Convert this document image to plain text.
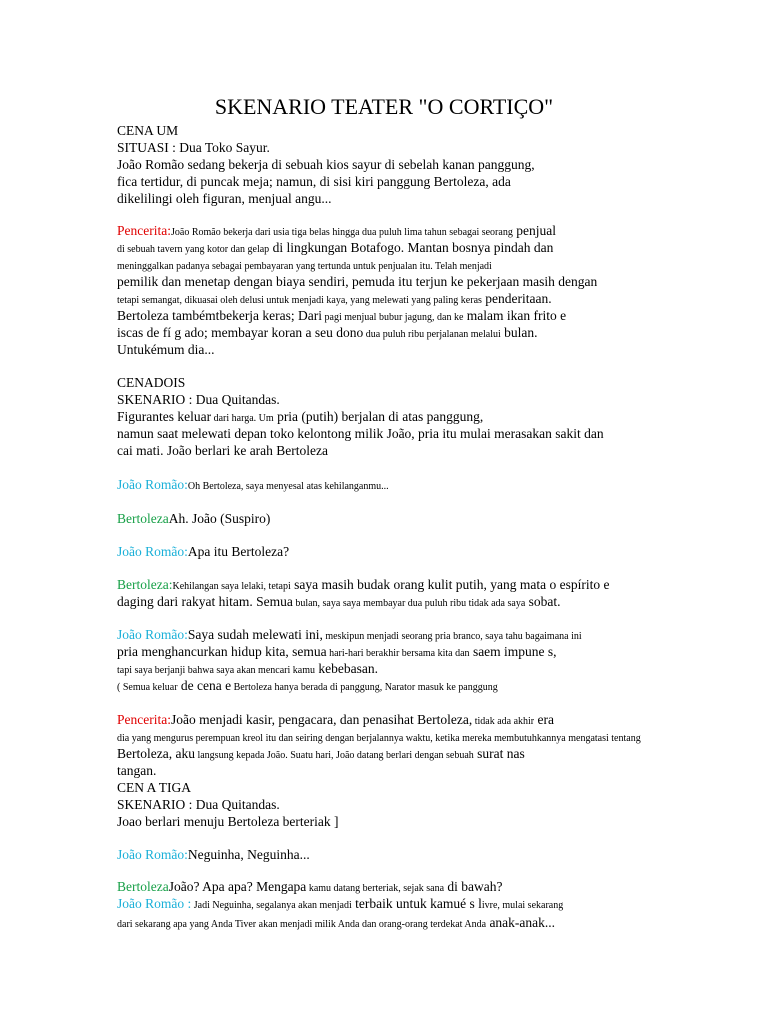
SKENARIO TEATER "O CORTIÇO"
CENA UM
SITUASI : Dua Toko Sayur.
João Romão sedang bekerja di sebuah kios sayur di sebelah kanan panggung,
fica tertidur, di puncak meja; namun, di sisi kiri panggung Bertoleza, ada
dikelilingi oleh figuran, menjual angu...
Pencerita:João Romão bekerja dari usia tiga belas hingga dua puluh lima tahun sebagai seorang penjual
di sebuah tavern yang kotor dan gelap di lingkungan Botafogo. Mantan bosnya pindah dan
meninggalkan padanya sebagai pembayaran yang tertunda untuk penjualan itu. Telah menjadi
pemilik dan menetap dengan biaya sendiri, pemuda itu terjun ke pekerjaan masih dengan
tetapi semangat, dikuasai oleh delusi untuk menjadi kaya, yang melewati yang paling keras penderitaan.
Bertoleza tambémtbekerja keras; Dari pagi menjual bubur jagung, dan ke malam ikan frito e
iscas de fí g ado; membayar koran a seu dono dua puluh ribu perjalanan melalui bulan.
Untukémum dia...
CENADOIS
SKENARIO : Dua Quitandas.
Figurantes keluar dari harga. Um pria (putih) berjalan di atas panggung,
namun saat melewati depan toko kelontong milik João, pria itu mulai merasakan sakit dan
cai mati. João berlari ke arah Bertoleza
João Romão:Oh Bertoleza, saya menyesal atas kehilanganmu...
BertolezaAh. João (Suspiro)
João Romão:Apa itu Bertoleza?
Bertoleza:Kehilangan saya lelaki, tetapi saya masih budak orang kulit putih, yang mata o espírito e
daging dari rakyat hitam. Semua bulan, saya saya membayar dua puluh ribu tidak ada saya sobat.
João Romão:Saya sudah melewati ini, meskipun menjadi seorang pria branco, saya tahu bagaimana ini
pria menghancurkan hidup kita, semua hari-hari berakhir bersama kita dan saem impune s,
tapi saya berjanji bahwa saya akan mencari kamu kebebasan.
( Semua keluar de cena e Bertoleza hanya berada di panggung, Narator masuk ke panggung
Pencerita:João menjadi kasir, pengacara, dan penasihat Bertoleza, tidak ada akhir era
dia yang mengurus perempuan kreol itu dan seiring dengan berjalannya waktu, ketika mereka membutuhkannya mengatasi tentang
Bertoleza, aku langsung kepada João. Suatu hari, João datang berlari dengan sebuah surat nas
tangan.
CEN A TIGA
SKENARIO : Dua Quitandas.
Joao berlari menuju Bertoleza berteriak ]
João Romão:Neguinha, Neguinha...
BertolezaJoão? Apa apa? Mengapa kamu datang berteriak, sejak sana di bawah?
João Romão : Jadi Neguinha, segalanya akan menjadi terbaik untuk kamué s livre, mulai sekarang
dari sekarang apa yang Anda Tiver akan menjadi milik Anda dan orang-orang terdekat Anda anak-anak...
